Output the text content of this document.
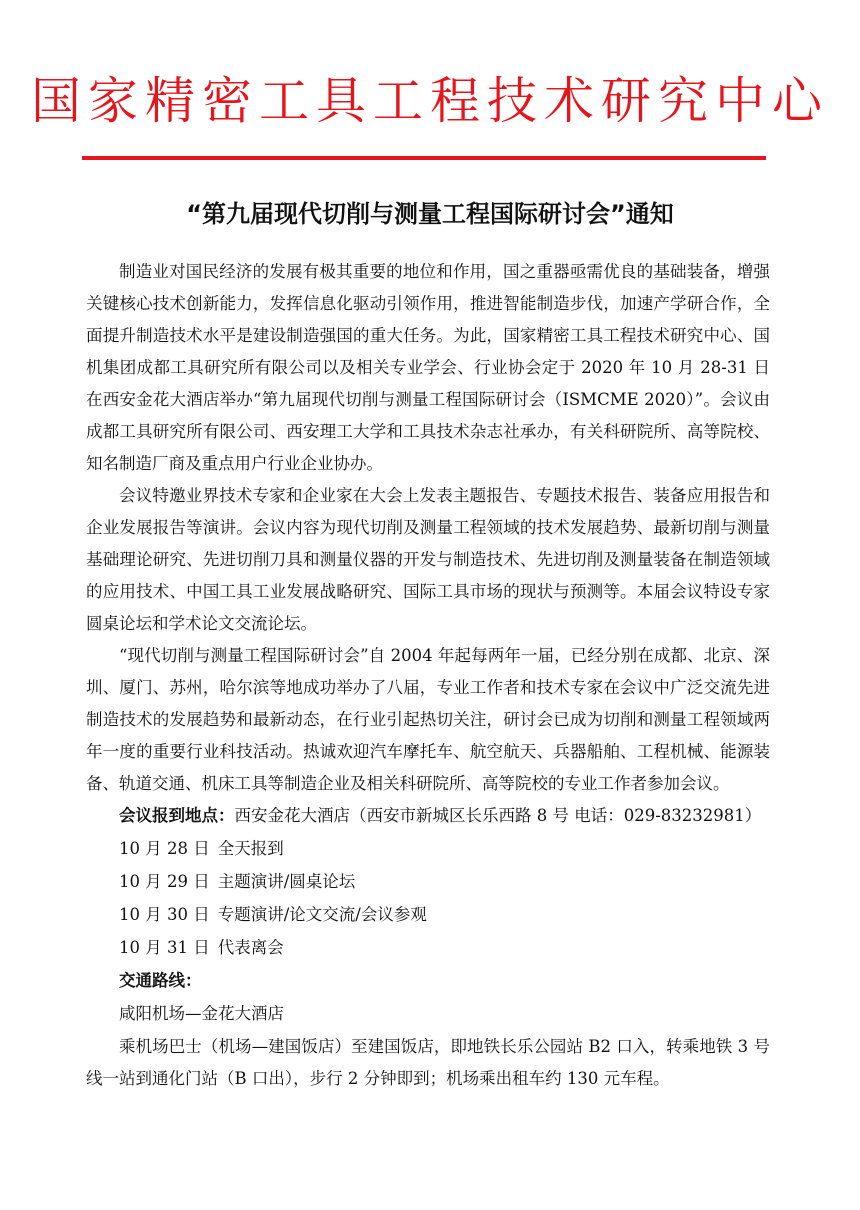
国家精密工具工程技术研究中心
“第九届现代切削与测量工程国际研讨会”通知

制造业对国民经济的发展有极其重要的地位和作用，国之重器亟需优良的基础装备，增强关键核心技术创新能力，发挥信息化驱动引领作用，推进智能制造步伐，加速产学研合作，全面提升制造技术水平是建设制造强国的重大任务。为此，国家精密工具工程技术研究中心、国机集团成都工具研究所有限公司以及相关专业学会、行业协会定于 2020 年 10 月 28-31 日在西安金花大酒店举办“第九届现代切削与测量工程国际研讨会（ISMCME 2020）”。会议由成都工具研究所有限公司、西安理工大学和工具技术杂志社承办，有关科研院所、高等院校、知名制造厂商及重点用户行业企业协办。

会议特邀业界技术专家和企业家在大会上发表主题报告、专题技术报告、装备应用报告和企业发展报告等演讲。会议内容为现代切削及测量工程领域的技术发展趋势、最新切削与测量基础理论研究、先进切削刀具和测量仪器的开发与制造技术、先进切削及测量装备在制造领域的应用技术、中国工具工业发展战略研究、国际工具市场的现状与预测等。本届会议特设专家圆桌论坛和学术论文交流论坛。

“现代切削与测量工程国际研讨会”自 2004 年起每两年一届，已经分别在成都、北京、深圳、厦门、苏州，哈尔滨等地成功举办了八届，专业工作者和技术专家在会议中广泛交流先进制造技术的发展趋势和最新动态，在行业引起热切关注，研讨会已成为切削和测量工程领域两年一度的重要行业科技活动。热诚欢迎汽车摩托车、航空航天、兵器船舶、工程机械、能源装备、轨道交通、机床工具等制造企业及相关科研院所、高等院校的专业工作者参加会议。

会议报到地点：西安金花大酒店（西安市新城区长乐西路 8 号 电话：029-83232981）
10 月 28 日 全天报到
10 月 29 日 主题演讲/圆桌论坛
10 月 30 日 专题演讲/论文交流/会议参观
10 月 31 日 代表离会
交通路线：
咸阳机场—金花大酒店
乘机场巴士（机场—建国饭店）至建国饭店，即地铁长乐公园站 B2 口入，转乘地铁 3 号线一站到通化门站（B 口出），步行 2 分钟即到；机场乘出租车约 130 元车程。
